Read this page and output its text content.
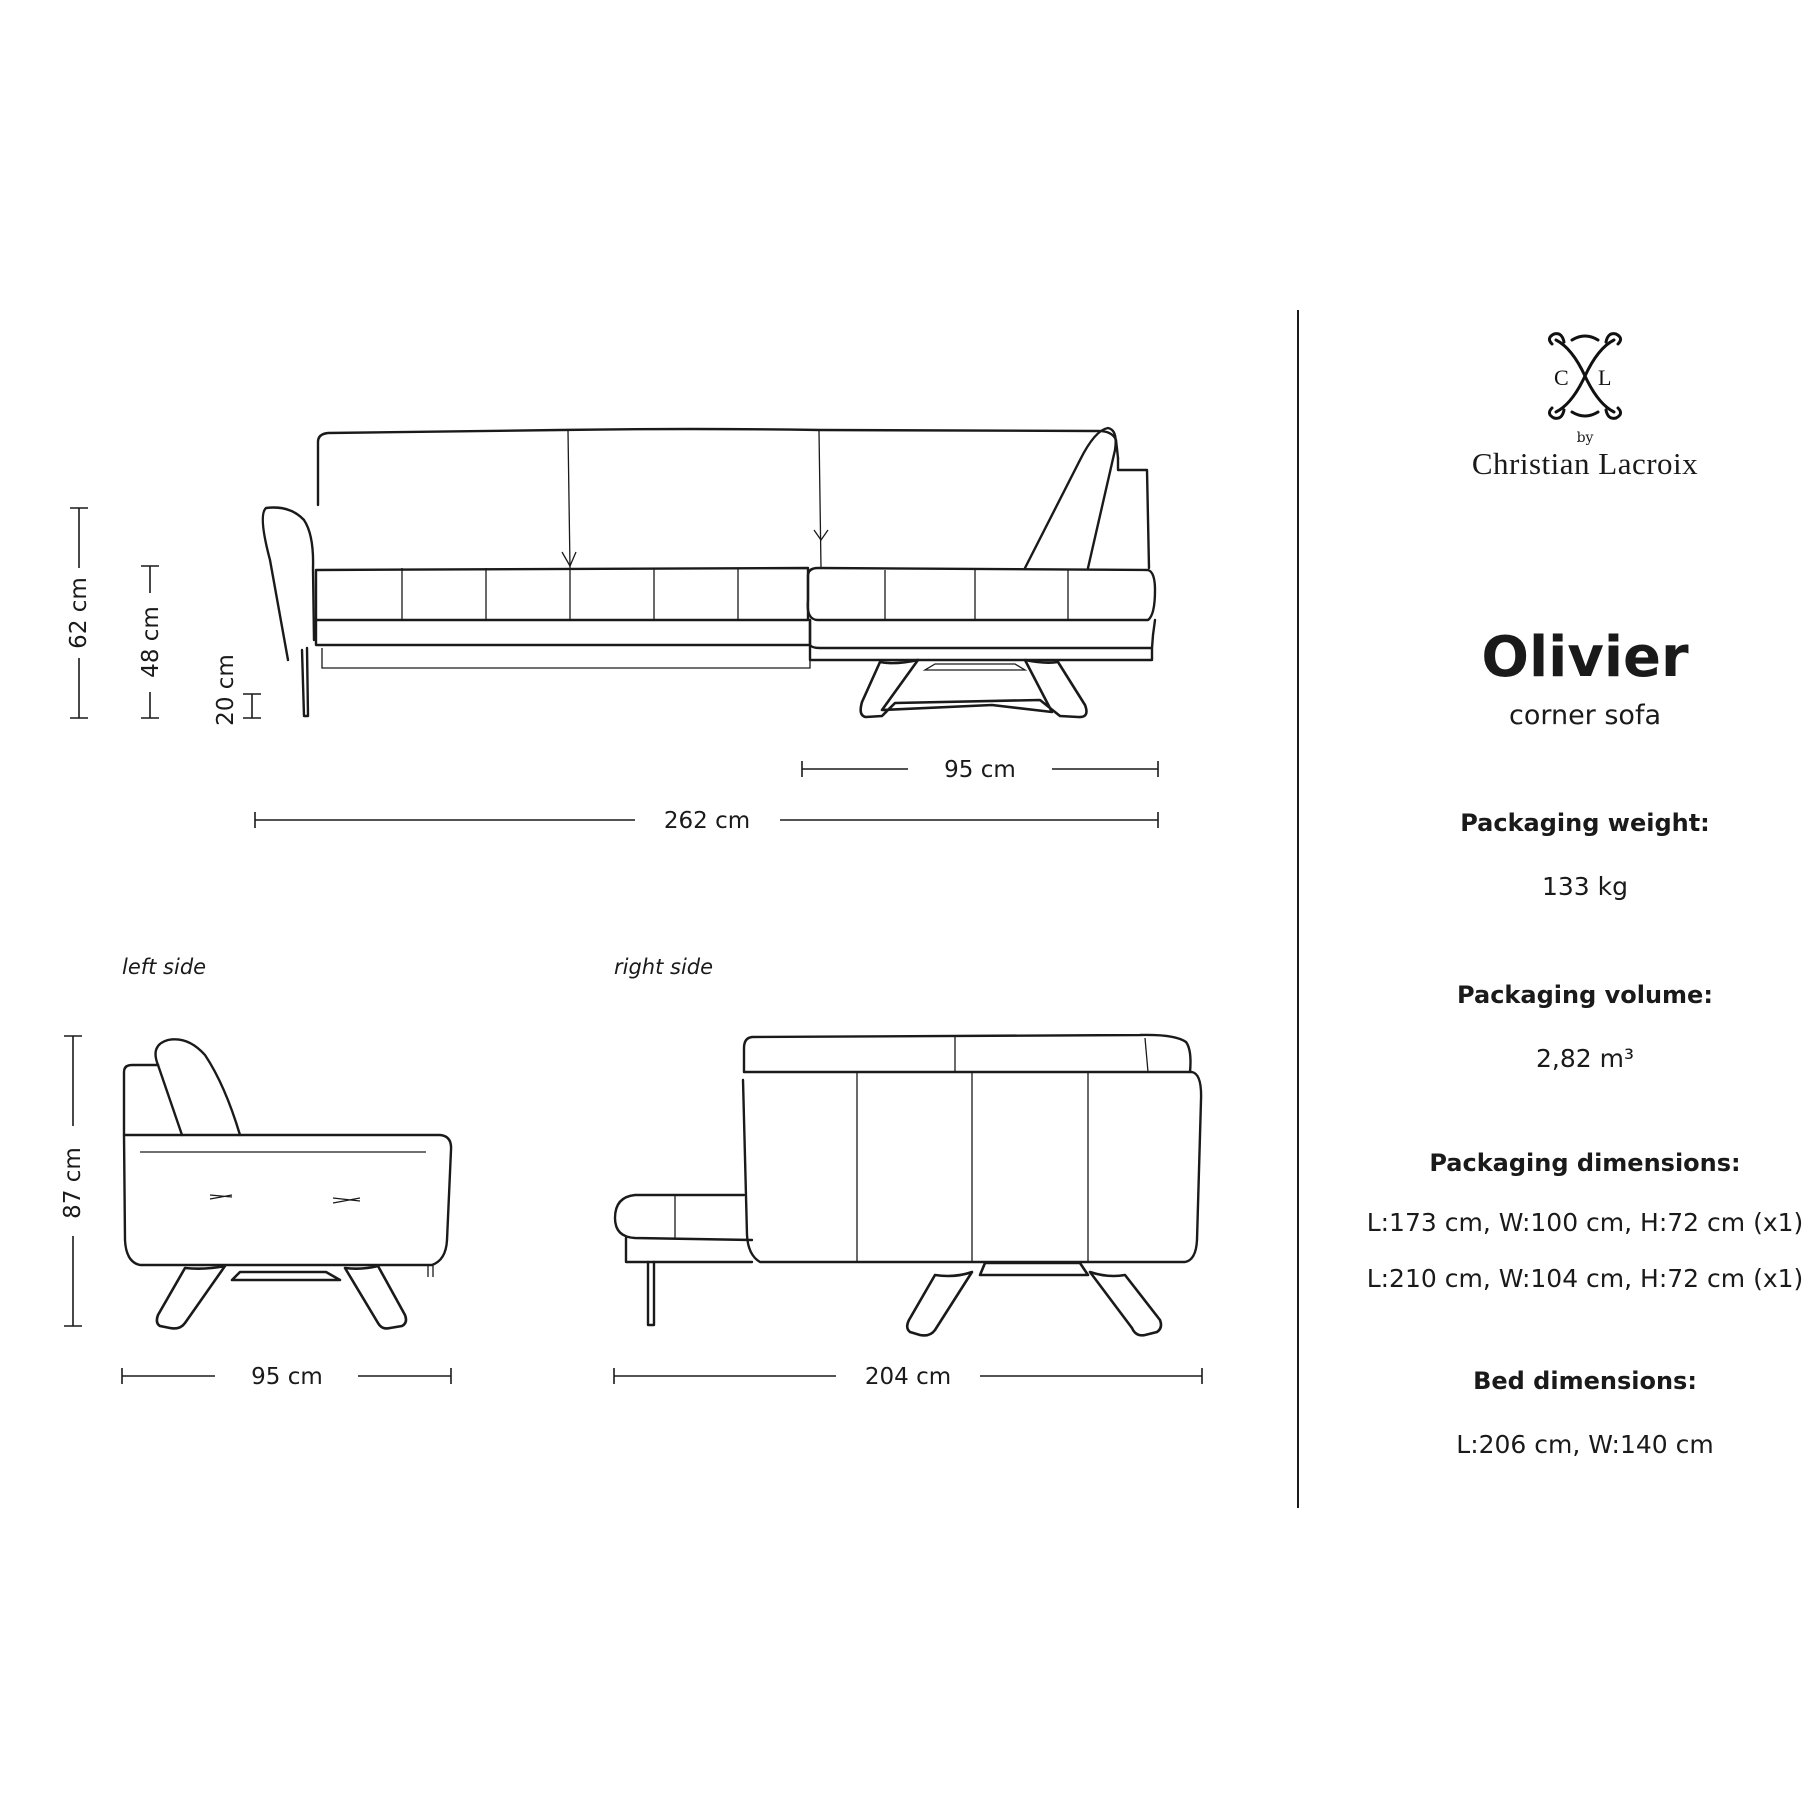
62 cm 48 cm
20 cm
95 cm
262 cm
left side
87 cm
95 cm
right side
204 cm
C L
by
Christian Lacroix
Olivier
corner sofa
Packaging weight:
133 kg
Packaging volume:
2,82 m³
Packaging dimensions:
L:173 cm, W:100 cm, H:72 cm (x1)
L:210 cm, W:104 cm, H:72 cm (x1)
Bed dimensions:
L:206 cm, W:140 cm
